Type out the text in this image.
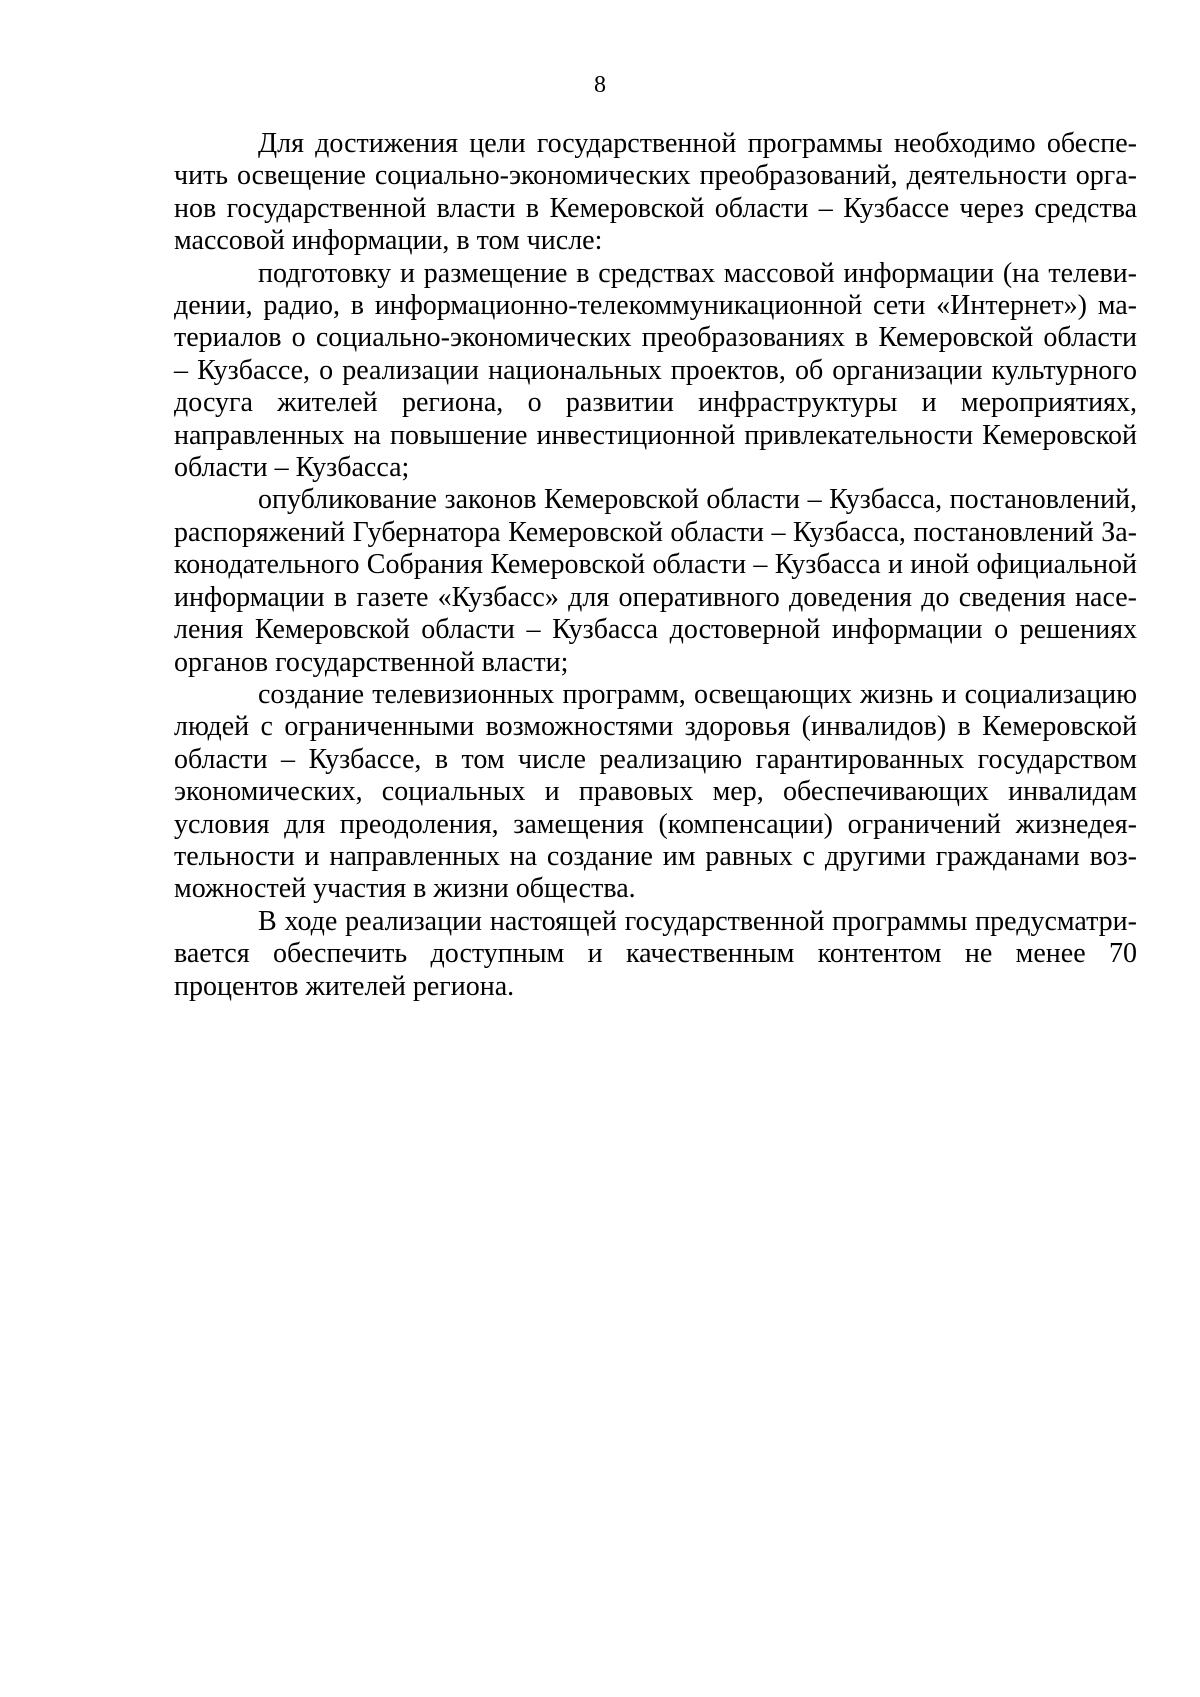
8

Для достижения цели государственной программы необходимо обеспечить освещение социально-экономических преобразований, деятельности органов государственной власти в Кемеровской области – Кузбассе через средства массовой информации, в том числе:

подготовку и размещение в средствах массовой информации (на телевидении, радио, в информационно-телекоммуникационной сети «Интернет») материалов о социально-экономических преобразованиях в Кемеровской области – Кузбассе, о реализации национальных проектов, об организации культурного досуга жителей региона, о развитии инфраструктуры и мероприятиях, направленных на повышение инвестиционной привлекательности Кемеровской области – Кузбасса;

опубликование законов Кемеровской области – Кузбасса, постановлений, распоряжений Губернатора Кемеровской области – Кузбасса, постановлений Законодательного Собрания Кемеровской области – Кузбасса и иной официальной информации в газете «Кузбасс» для оперативного доведения до сведения населения Кемеровской области – Кузбасса достоверной информации о решениях органов государственной власти;

создание телевизионных программ, освещающих жизнь и социализацию людей с ограниченными возможностями здоровья (инвалидов) в Кемеровской области – Кузбассе, в том числе реализацию гарантированных государством экономических, социальных и правовых мер, обеспечивающих инвалидам условия для преодоления, замещения (компенсации) ограничений жизнедеятельности и направленных на создание им равных с другими гражданами возможностей участия в жизни общества.

В ходе реализации настоящей государственной программы предусматривается обеспечить доступным и качественным контентом не менее 70 процентов жителей региона.
